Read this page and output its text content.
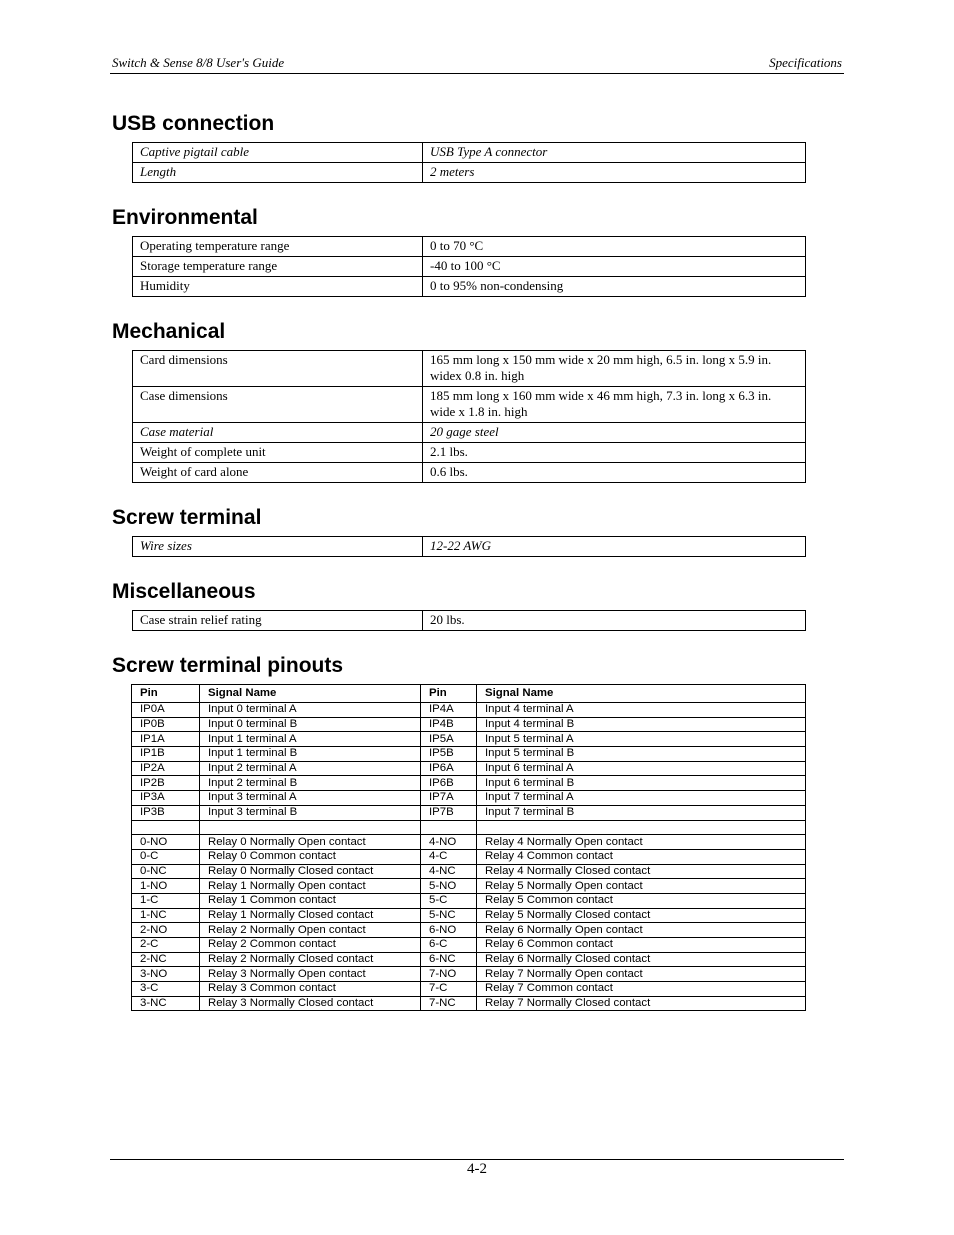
Switch & Sense 8/8 User's Guide	Specifications
USB connection
Captive pigtail cable	USB Type A connector
Length	2 meters
Environmental
Operating temperature range	0 to 70 °C
Storage temperature range	-40 to 100 °C
Humidity	0 to 95% non-condensing
Mechanical
Card dimensions	165 mm long x 150 mm wide x 20 mm high, 6.5 in. long x 5.9 in. widex 0.8 in. high
Case dimensions	185 mm long x 160 mm wide x 46 mm high, 7.3 in. long x 6.3 in. wide x 1.8 in. high
Case material	20 gage steel
Weight of complete unit	2.1 lbs.
Weight of card alone	0.6 lbs.
Screw terminal
Wire sizes	12-22 AWG
Miscellaneous
Case strain relief rating	20 lbs.
Screw terminal pinouts
Pin	Signal Name	Pin	Signal Name
IP0A	Input 0 terminal A	IP4A	Input 4 terminal A
IP0B	Input 0 terminal B	IP4B	Input 4 terminal B
IP1A	Input 1 terminal A	IP5A	Input 5 terminal A
IP1B	Input 1 terminal B	IP5B	Input 5 terminal B
IP2A	Input 2 terminal A	IP6A	Input 6 terminal A
IP2B	Input 2 terminal B	IP6B	Input 6 terminal B
IP3A	Input 3 terminal A	IP7A	Input 7 terminal A
IP3B	Input 3 terminal B	IP7B	Input 7 terminal B

0-NO	Relay 0 Normally Open contact	4-NO	Relay 4 Normally Open contact
0-C	Relay 0 Common contact	4-C	Relay 4 Common contact
0-NC	Relay 0 Normally Closed contact	4-NC	Relay 4 Normally Closed contact
1-NO	Relay 1 Normally Open contact	5-NO	Relay 5 Normally Open contact
1-C	Relay 1 Common contact	5-C	Relay 5 Common contact
1-NC	Relay 1 Normally Closed contact	5-NC	Relay 5 Normally Closed contact
2-NO	Relay 2 Normally Open contact	6-NO	Relay 6 Normally Open contact
2-C	Relay 2 Common contact	6-C	Relay 6 Common contact
2-NC	Relay 2 Normally Closed contact	6-NC	Relay 6 Normally Closed contact
3-NO	Relay 3 Normally Open contact	7-NO	Relay 7 Normally Open contact
3-C	Relay 3 Common contact	7-C	Relay 7 Common contact
3-NC	Relay 3 Normally Closed contact	7-NC	Relay 7 Normally Closed contact
4-2
